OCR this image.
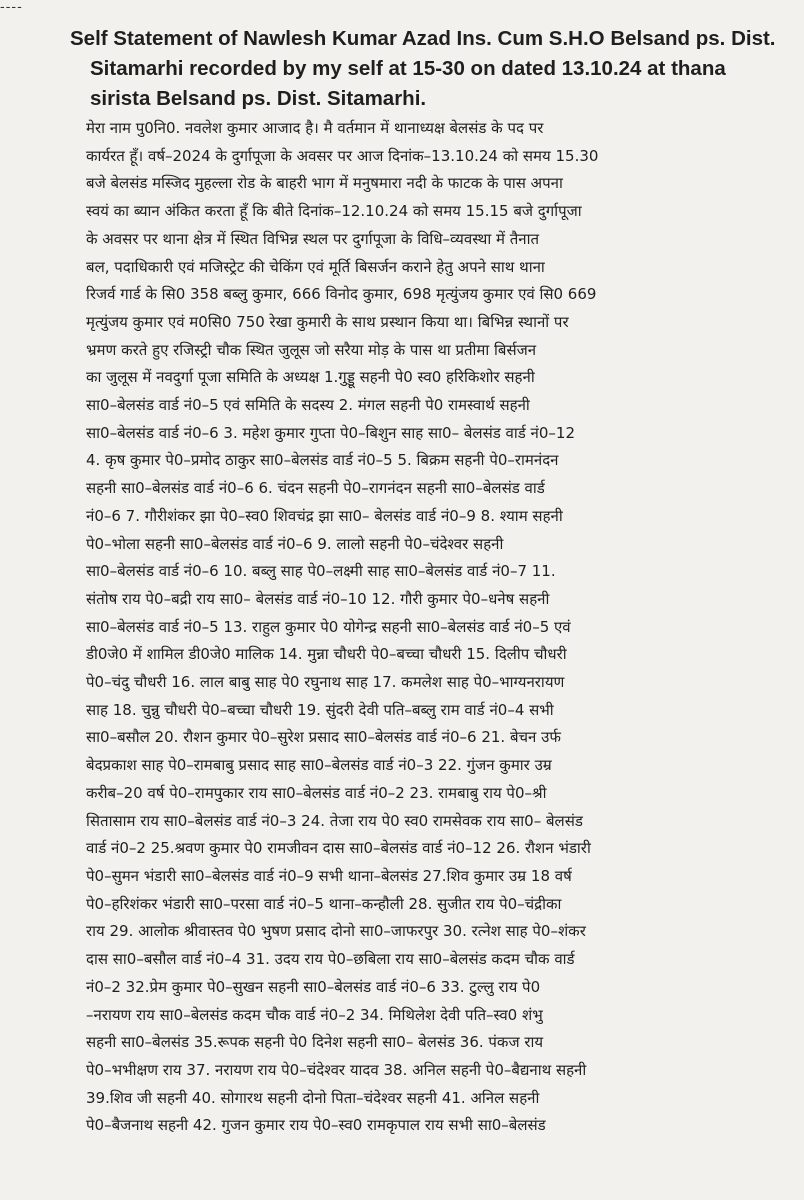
----
Self Statement of Nawlesh Kumar Azad Ins. Cum S.H.O Belsand ps. Dist.
Sitamarhi recorded by my self at 15-30 on dated 13.10.24 at thana
sirista Belsand ps. Dist. Sitamarhi.
मेरा नाम पु0नि0. नवलेश कुमार आजाद है। मै वर्तमान में थानाध्यक्ष बेलसंड के पद पर
कार्यरत हूँ। वर्ष–2024 के दुर्गापूजा के अवसर पर आज दिनांक–13.10.24 को समय 15.30
बजे बेलसंड मस्जिद मुहल्ला रोड के बाहरी भाग में मनुषमारा नदी के फाटक के पास अपना
स्वयं का ब्यान अंकित करता हूँ कि बीते दिनांक–12.10.24 को समय 15.15 बजे दुर्गापूजा
के अवसर पर थाना क्षेत्र में स्थित विभिन्न स्थल पर दुर्गापूजा के विधि–व्यवस्था में तैनात
बल, पदाधिकारी एवं मजिस्ट्रेट की चेकिंग एवं मूर्ति बिसर्जन कराने हेतु अपने साथ थाना
रिजर्व गार्ड के सि0 358 बब्लु कुमार, 666 विनोद कुमार, 698 मृत्युंजय कुमार एवं सि0 669
मृत्युंजय कुमार एवं म0सि0 750 रेखा कुमारी के साथ प्रस्थान किया था। बिभिन्न स्थानों पर
भ्रमण करते हुए रजिस्ट्री चौक स्थित जुलूस जो सरैया मोड़ के पास था प्रतीमा बिर्सजन
का जुलूस में नवदुर्गा पूजा समिति के अध्यक्ष 1.गुड्डू सहनी पे0 स्व0 हरिकिशोर सहनी
सा0–बेलसंड वार्ड नं0–5 एवं समिति के सदस्य 2. मंगल सहनी पे0 रामस्वार्थ सहनी
सा0–बेलसंड वार्ड नं0–6 3. महेश कुमार गुप्ता पे0–बिशुन साह सा0– बेलसंड वार्ड नं0–12
4. कृष कुमार पे0–प्रमोद ठाकुर सा0–बेलसंड वार्ड नं0–5 5. बिक्रम सहनी पे0–रामनंदन
सहनी सा0–बेलसंड वार्ड नं0–6 6. चंदन सहनी पे0–रागनंदन सहनी सा0–बेलसंड वार्ड
नं0–6 7. गौरीशंकर झा पे0–स्व0 शिवचंद्र झा सा0– बेलसंड वार्ड नं0–9 8. श्याम सहनी
पे0–भोला सहनी सा0–बेलसंड वार्ड नं0–6 9. लालो सहनी पे0–चंदेश्वर सहनी
सा0–बेलसंड वार्ड नं0–6 10. बब्लु साह पे0–लक्ष्मी साह सा0–बेलसंड वार्ड नं0–7 11.
संतोष राय पे0–बद्री राय सा0– बेलसंड वार्ड नं0–10 12. गौरी कुमार पे0–धनेष सहनी
सा0–बेलसंड वार्ड नं0–5 13. राहुल कुमार पे0 योगेन्द्र सहनी सा0–बेलसंड वार्ड नं0–5 एवं
डी0जे0 में शामिल डी0जे0 मालिक 14. मुन्ना चौधरी पे0–बच्चा चौधरी 15. दिलीप चौधरी
पे0–चंदु चौधरी 16. लाल बाबु साह पे0 रघुनाथ साह 17. कमलेश साह पे0–भाग्यनरायण
साह 18. चुन्नु चौधरी पे0–बच्चा चौधरी 19. सुंदरी देवी पति–बब्लु राम वार्ड नं0–4 सभी
सा0–बसौल 20. रौशन कुमार पे0–सुरेश प्रसाद सा0–बेलसंड वार्ड नं0–6 21. बेचन उर्फ
बेदप्रकाश साह पे0–रामबाबु प्रसाद साह सा0–बेलसंड वार्ड नं0–3 22. गुंजन कुमार उम्र
करीब–20 वर्ष पे0–रामपुकार राय सा0–बेलसंड वार्ड नं0–2 23. रामबाबु राय पे0–श्री
सितासाम राय सा0–बेलसंड वार्ड नं0–3 24. तेजा राय पे0 स्व0 रामसेवक राय सा0– बेलसंड
वार्ड नं0–2 25.श्रवण कुमार पे0 रामजीवन दास सा0–बेलसंड वार्ड नं0–12 26. रौशन भंडारी
पे0–सुमन भंडारी सा0–बेलसंड वार्ड नं0–9 सभी थाना–बेलसंड 27.शिव कुमार उम्र 18 वर्ष
पे0–हरिशंकर भंडारी सा0–परसा वार्ड नं0–5 थाना–कन्हौली 28. सुजीत राय पे0–चंद्रीका
राय 29. आलोक श्रीवास्तव पे0 भुषण प्रसाद दोनो सा0–जाफरपुर 30. रत्नेश साह पे0–शंकर
दास सा0–बसौल वार्ड नं0–4 31. उदय राय पे0–छबिला राय सा0–बेलसंड कदम चौक वार्ड
नं0–2 32.प्रेम कुमार पे0–सुखन सहनी सा0–बेलसंड वार्ड नं0–6 33. टुल्लु राय पे0
–नरायण राय सा0–बेलसंड कदम चौक वार्ड नं0–2 34. मिथिलेश देवी पति–स्व0 शंभु
सहनी सा0–बेलसंड 35.रूपक सहनी पे0 दिनेश सहनी सा0– बेलसंड 36. पंकज राय
पे0–भभीक्षण राय 37. नरायण राय पे0–चंदेश्वर यादव 38. अनिल सहनी पे0–बैद्यनाथ सहनी
39.शिव जी सहनी 40. सोगारथ सहनी दोनो पिता–चंदेश्वर सहनी 41. अनिल सहनी
पे0–बैजनाथ सहनी 42. गुजन कुमार राय पे0–स्व0 रामकृपाल राय सभी सा0–बेलसंड
